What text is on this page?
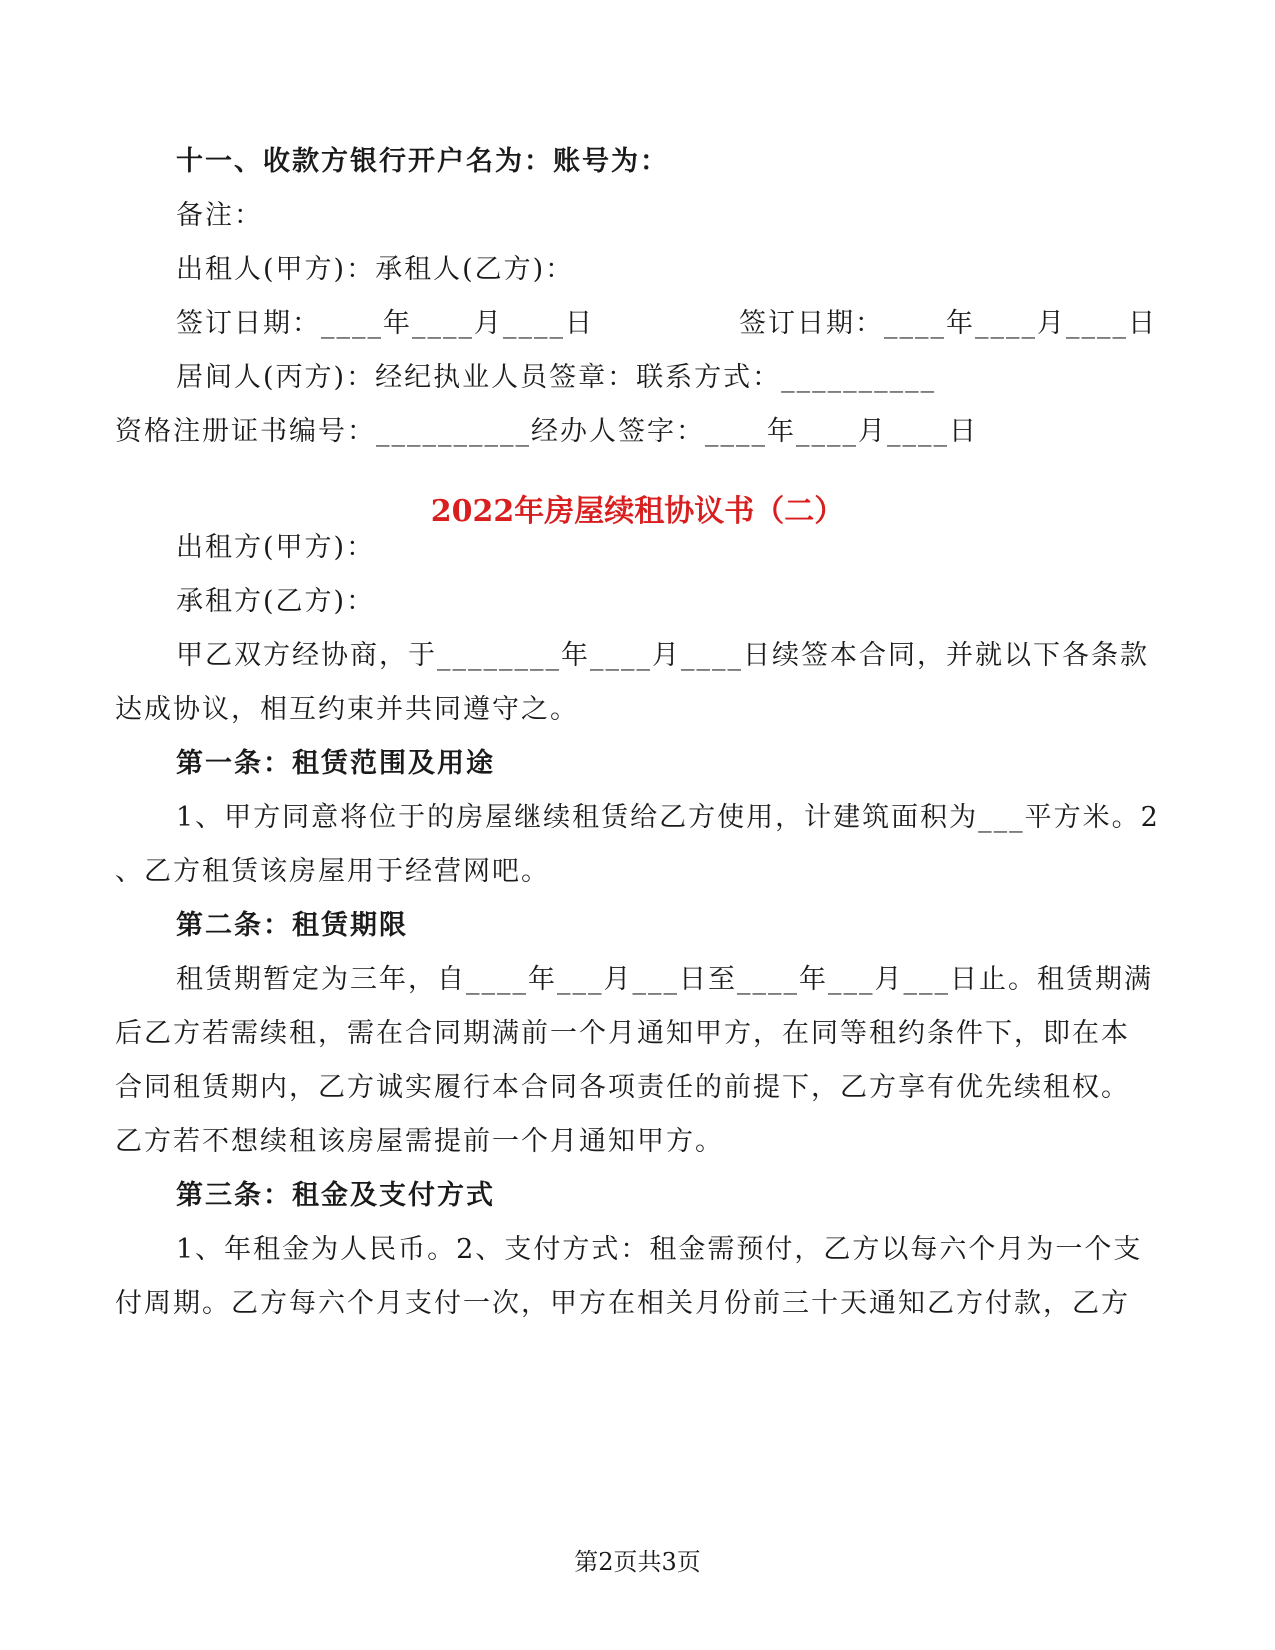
十一、收款方银行开户名为：账号为：
备注：
出租人(甲方)：承租人(乙方)：
签订日期：____年____月____日　　　　　签订日期：____年____月____日
居间人(丙方)：经纪执业人员签章：联系方式：__________
资格注册证书编号：__________经办人签字：____年____月____日
2022年房屋续租协议书（二）
出租方(甲方)：
承租方(乙方)：
甲乙双方经协商，于________年____月____日续签本合同，并就以下各条款
达成协议，相互约束并共同遵守之。
第一条：租赁范围及用途
1、甲方同意将位于的房屋继续租赁给乙方使用，计建筑面积为___平方米。2
、乙方租赁该房屋用于经营网吧。
第二条：租赁期限
租赁期暂定为三年，自____年___月___日至____年___月___日止。租赁期满
后乙方若需续租，需在合同期满前一个月通知甲方，在同等租约条件下，即在本
合同租赁期内，乙方诚实履行本合同各项责任的前提下，乙方享有优先续租权。
乙方若不想续租该房屋需提前一个月通知甲方。
第三条：租金及支付方式
1、年租金为人民币。2、支付方式：租金需预付，乙方以每六个月为一个支
付周期。乙方每六个月支付一次，甲方在相关月份前三十天通知乙方付款，乙方
第2页共3页
